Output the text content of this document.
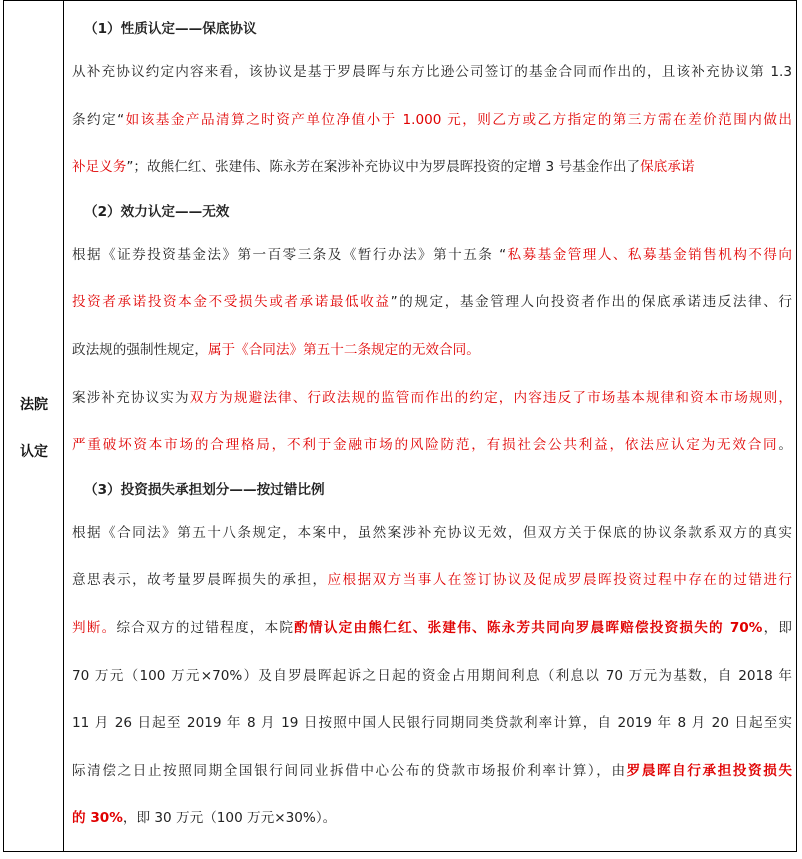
法院
认定
（1）性质认定——保底协议
从补充协议约定内容来看，该协议是基于罗晨晖与东方比逊公司签订的基金合同而作出的，且该补充协议第 1.3
条约定“如该基金产品清算之时资产单位净值小于 1.000 元，则乙方或乙方指定的第三方需在差价范围内做出
补足义务”；故熊仁红、张建伟、陈永芳在案涉补充协议中为罗晨晖投资的定增 3 号基金作出了保底承诺
（2）效力认定——无效
根据《证券投资基金法》第一百零三条及《暂行办法》第十五条 “私募基金管理人、私募基金销售机构不得向
投资者承诺投资本金不受损失或者承诺最低收益”的规定，基金管理人向投资者作出的保底承诺违反法律、行
政法规的强制性规定，属于《合同法》第五十二条规定的无效合同。
案涉补充协议实为双方为规避法律、行政法规的监管而作出的约定，内容违反了市场基本规律和资本市场规则，
严重破坏资本市场的合理格局，不利于金融市场的风险防范，有损社会公共利益，依法应认定为无效合同。
（3）投资损失承担划分——按过错比例
根据《合同法》第五十八条规定，本案中，虽然案涉补充协议无效，但双方关于保底的协议条款系双方的真实
意思表示，故考量罗晨晖损失的承担，应根据双方当事人在签订协议及促成罗晨晖投资过程中存在的过错进行
判断。综合双方的过错程度，本院酌情认定由熊仁红、张建伟、陈永芳共同向罗晨晖赔偿投资损失的 70%，即
70 万元（100 万元×70%）及自罗晨晖起诉之日起的资金占用期间利息（利息以 70 万元为基数，自 2018 年
11 月 26 日起至 2019 年 8 月 19 日按照中国人民银行同期同类贷款利率计算，自 2019 年 8 月 20 日起至实
际清偿之日止按照同期全国银行间同业拆借中心公布的贷款市场报价利率计算），由罗晨晖自行承担投资损失
的 30%，即 30 万元（100 万元×30%）。
